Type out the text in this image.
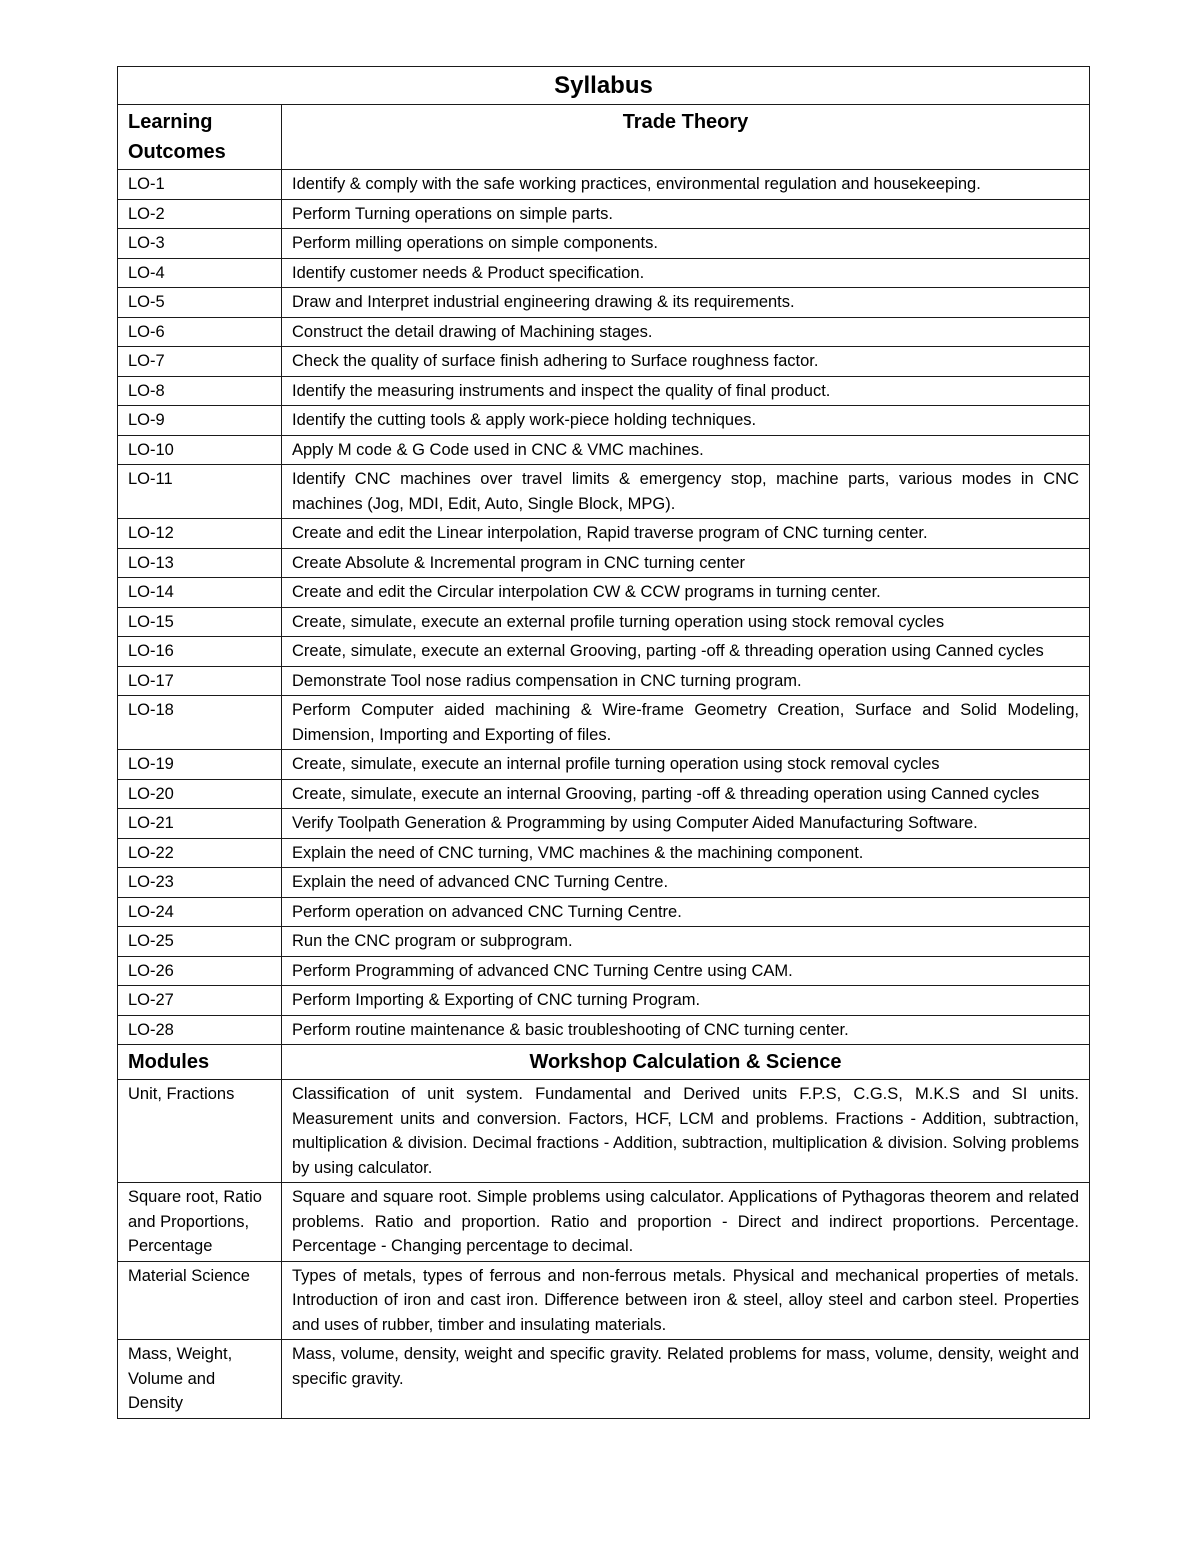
Syllabus	
Learning Outcomes	Trade Theory
LO-1	Identify & comply with the safe working practices, environmental regulation and housekeeping.
LO-2	Perform Turning operations on simple parts.
LO-3	Perform milling operations on simple components.
LO-4	Identify customer needs & Product specification.
LO-5	Draw and Interpret industrial engineering drawing & its requirements.
LO-6	Construct the detail drawing of Machining stages.
LO-7	Check the quality of surface finish adhering to Surface roughness factor.
LO-8	Identify the measuring instruments and inspect the quality of final product.
LO-9	Identify the cutting tools & apply work-piece holding techniques.
LO-10	Apply M code & G Code used in CNC & VMC machines.
LO-11	Identify CNC machines over travel limits & emergency stop, machine parts, various modes in CNC machines (Jog, MDI, Edit, Auto, Single Block, MPG).
LO-12	Create and edit the Linear interpolation, Rapid traverse program of CNC turning center.
LO-13	Create Absolute & Incremental program in CNC turning center
LO-14	Create and edit the Circular interpolation CW & CCW programs in turning center.
LO-15	Create, simulate, execute an external profile turning operation using stock removal cycles
LO-16	Create, simulate, execute an external Grooving, parting -off & threading operation using Canned cycles
LO-17	Demonstrate Tool nose radius compensation in CNC turning program.
LO-18	Perform Computer aided machining & Wire-frame Geometry Creation, Surface and Solid Modeling, Dimension, Importing and Exporting of files.
LO-19	Create, simulate, execute an internal profile turning operation using stock removal cycles
LO-20	Create, simulate, execute an internal Grooving, parting -off & threading operation using Canned cycles
LO-21	Verify Toolpath Generation & Programming by using Computer Aided Manufacturing Software.
LO-22	Explain the need of CNC turning, VMC machines & the machining component.
LO-23	Explain the need of advanced CNC Turning Centre.
LO-24	Perform operation on advanced CNC Turning Centre.
LO-25	Run the CNC program or subprogram.
LO-26	Perform Programming of advanced CNC Turning Centre using CAM.
LO-27	Perform Importing & Exporting of CNC turning Program.
LO-28	Perform routine maintenance & basic troubleshooting of CNC turning center.
Modules	Workshop Calculation & Science
Unit, Fractions	Classification of unit system. Fundamental and Derived units F.P.S, C.G.S, M.K.S and SI units. Measurement units and conversion. Factors, HCF, LCM and problems. Fractions - Addition, subtraction, multiplication & division. Decimal fractions - Addition, subtraction, multiplication & division. Solving problems by using calculator.
Square root, Ratio and Proportions, Percentage	Square and square root. Simple problems using calculator. Applications of Pythagoras theorem and related problems. Ratio and proportion. Ratio and proportion - Direct and indirect proportions. Percentage. Percentage - Changing percentage to decimal.
Material Science	Types of metals, types of ferrous and non-ferrous metals. Physical and mechanical properties of metals. Introduction of iron and cast iron. Difference between iron & steel, alloy steel and carbon steel. Properties and uses of rubber, timber and insulating materials.
Mass, Weight, Volume and Density	Mass, volume, density, weight and specific gravity. Related problems for mass, volume, density, weight and specific gravity.
